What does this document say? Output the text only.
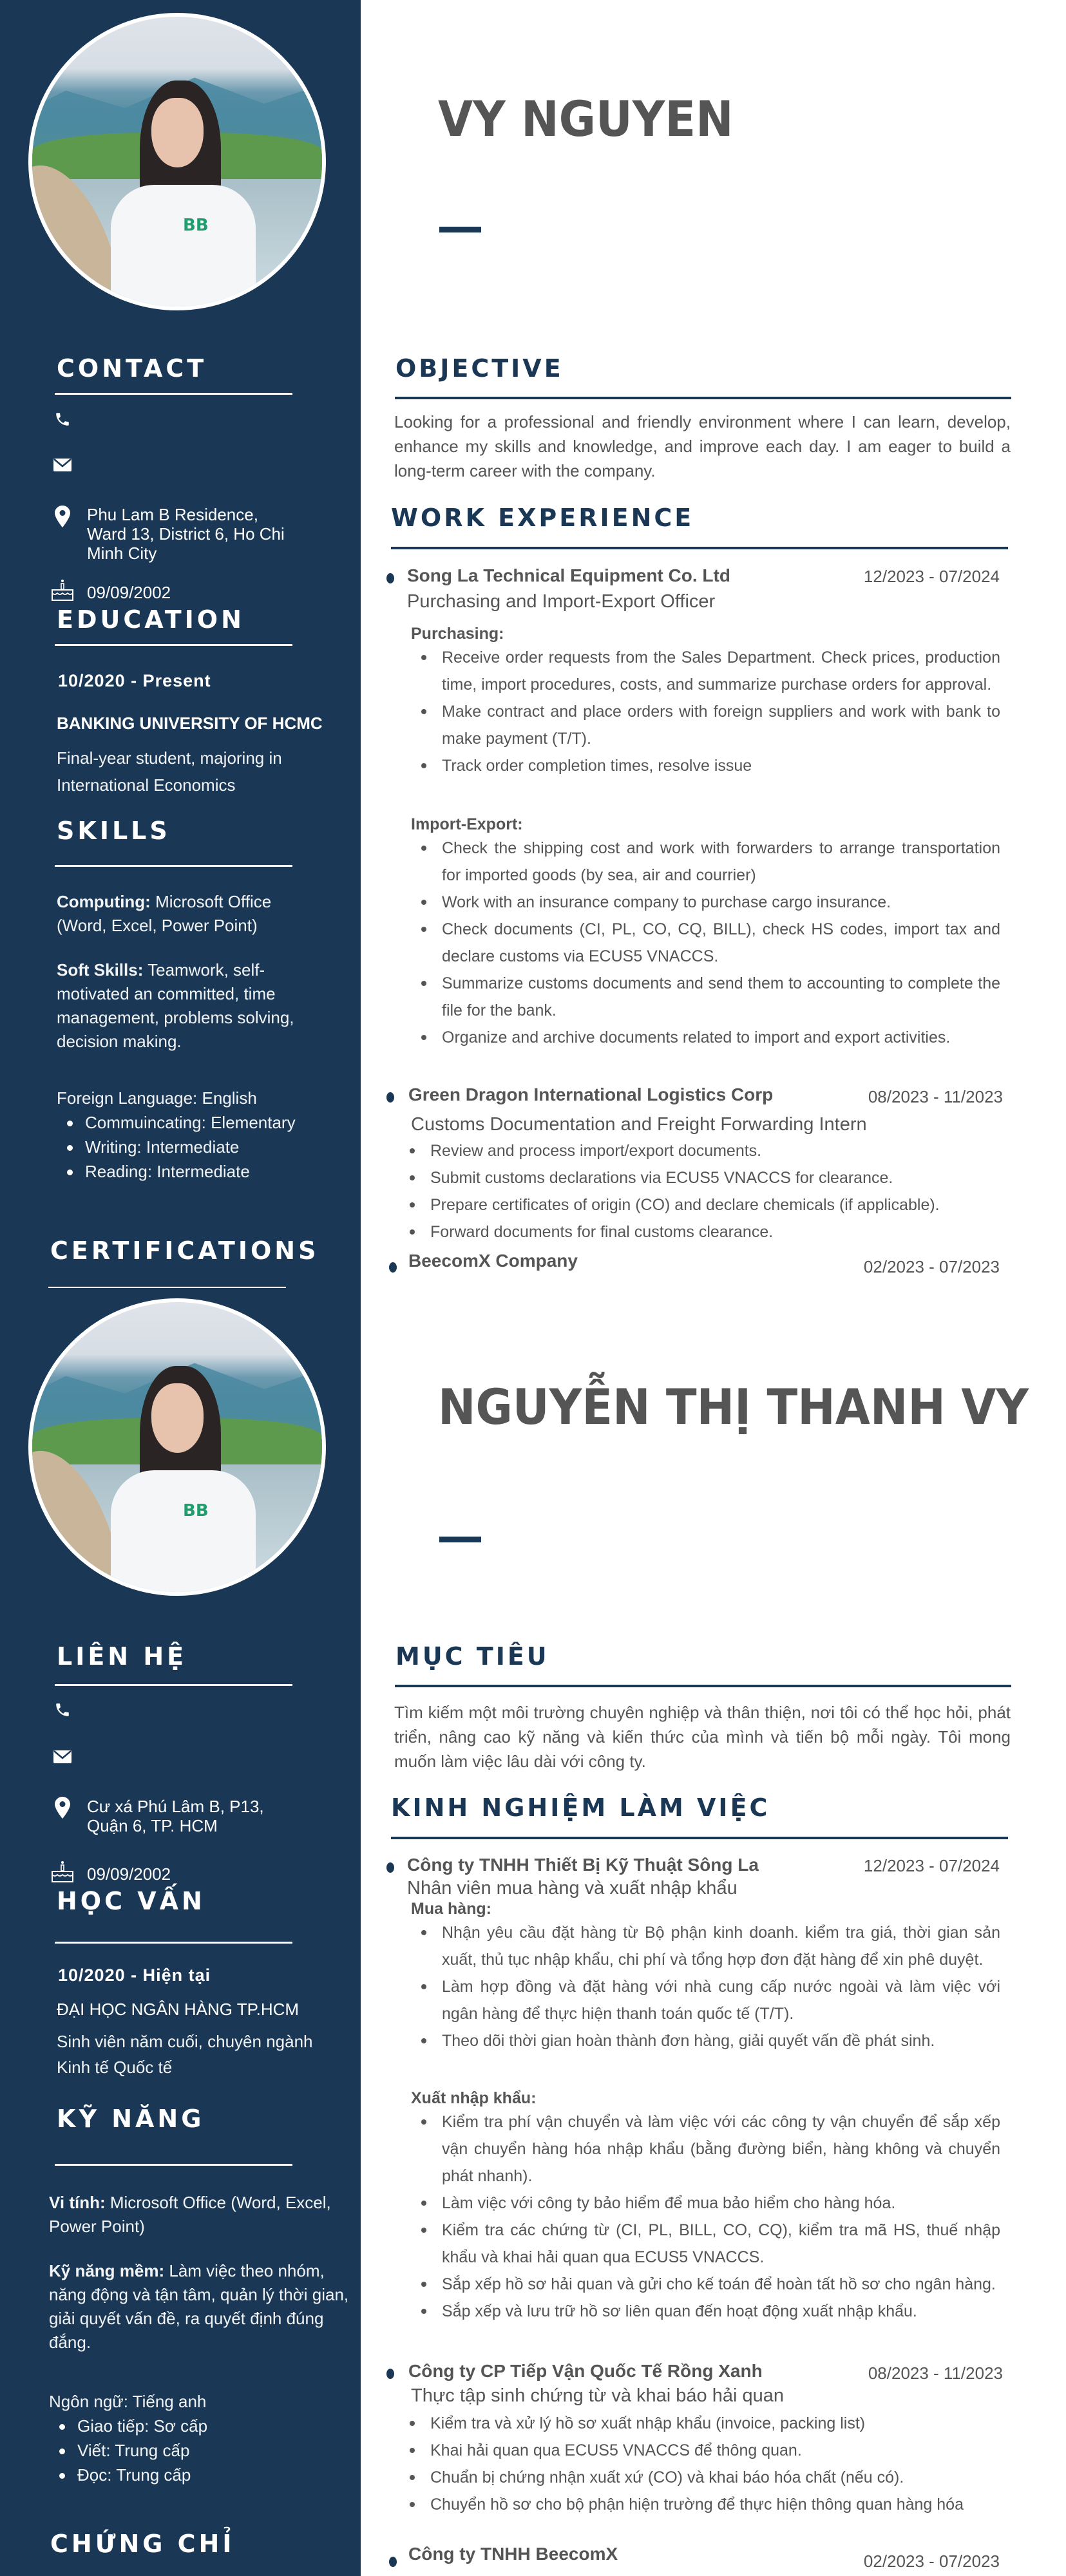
BB
CONTACT
Phu Lam B Residence, Ward 13, District 6, Ho Chi Minh City
09/09/2002
EDUCATION
10/2020 - Present
BANKING UNIVERSITY OF HCMC
Final-year student, majoring in International Economics
SKILLS
Computing: Microsoft Office (Word, Excel, Power Point)
Soft Skills: Teamwork, self-motivated an committed, time management, problems solving, decision making.
Foreign Language: English
Commuincating: Elementary
Writing: Intermediate
Reading: Intermediate
CERTIFICATIONS
VY NGUYEN
OBJECTIVE
Looking for a professional and friendly environment where I can learn, develop, enhance my skills and knowledge, and improve each day. I am eager to build a long-term career with the company.
WORK EXPERIENCE
Song La Technical Equipment Co. Ltd	12/2023 - 07/2024
Purchasing and Import-Export Officer
Purchasing:
Receive order requests from the Sales Department. Check prices, production time, import procedures, costs, and summarize purchase orders for approval.
Make contract and place orders with foreign suppliers and work with bank to make payment (T/T).
Track order completion times, resolve issue
Import-Export:
Check the shipping cost and work with forwarders to arrange transportation for imported goods (by sea, air and courrier)
Work with an insurance company to purchase cargo insurance.
Check documents (CI, PL, CO, CQ, BILL), check HS codes, import tax and declare customs via ECUS5 VNACCS.
Summarize customs documents and send them to accounting to complete the file for the bank.
Organize and archive documents related to import and export activities.
Green Dragon International Logistics Corp	08/2023 - 11/2023
Customs Documentation and Freight Forwarding Intern
Review and process import/export documents.
Submit customs declarations via ECUS5 VNACCS for clearance.
Prepare certificates of origin (CO) and declare chemicals (if applicable).
Forward documents for final customs clearance.
BeecomX Company	02/2023 - 07/2023
BB
LIÊN HỆ
Cư xá Phú Lâm B, P13, Quận 6, TP. HCM
09/09/2002
HỌC VẤN
10/2020 - Hiện tại
ĐẠI HỌC NGÂN HÀNG TP.HCM
Sinh viên năm cuối, chuyên ngành Kinh tế Quốc tế
KỸ NĂNG
Vi tính: Microsoft Office (Word, Excel, Power Point)
Kỹ năng mềm: Làm việc theo nhóm, năng động và tận tâm, quản lý thời gian, giải quyết vấn đề, ra quyết định đúng đắng.
Ngôn ngữ: Tiếng anh
Giao tiếp: Sơ cấp
Viết: Trung cấp
Đọc: Trung cấp
CHỨNG CHỈ
NGUYỄN THỊ THANH VY
MỤC TIÊU
Tìm kiếm một môi trường chuyên nghiệp và thân thiện, nơi tôi có thể học hỏi, phát triển, nâng cao kỹ năng và kiến thức của mình và tiến bộ mỗi ngày. Tôi mong muốn làm việc lâu dài với công ty.
KINH NGHIỆM LÀM VIỆC
Công ty TNHH Thiết Bị Kỹ Thuật Sông La	12/2023 - 07/2024
Nhân viên mua hàng và xuất nhập khẩu
Mua hàng:
Nhận yêu cầu đặt hàng từ Bộ phận kinh doanh. kiểm tra giá, thời gian sản xuất, thủ tục nhập khẩu, chi phí và tổng hợp đơn đặt hàng để xin phê duyệt.
Làm hợp đồng và đặt hàng với nhà cung cấp nước ngoài và làm việc với ngân hàng để thực hiện thanh toán quốc tế (T/T).
Theo dõi thời gian hoàn thành đơn hàng, giải quyết vấn đề phát sinh.
Xuất nhập khẩu:
Kiểm tra phí vận chuyển và làm việc với các công ty vận chuyển để sắp xếp vận chuyển hàng hóa nhập khẩu (bằng đường biển, hàng không và chuyển phát nhanh).
Làm việc với công ty bảo hiểm để mua bảo hiểm cho hàng hóa.
Kiểm tra các chứng từ (CI, PL, BILL, CO, CQ), kiểm tra mã HS, thuế nhập khẩu và khai hải quan qua ECUS5 VNACCS.
Sắp xếp hồ sơ hải quan và gửi cho kế toán để hoàn tất hồ sơ cho ngân hàng.
Sắp xếp và lưu trữ hồ sơ liên quan đến hoạt động xuất nhập khẩu.
Công ty CP Tiếp Vận Quốc Tế Rồng Xanh	08/2023 - 11/2023
Thực tập sinh chứng từ và khai báo hải quan
Kiểm tra và xử lý hồ sơ xuất nhập khẩu (invoice, packing list)
Khai hải quan qua ECUS5 VNACCS để thông quan.
Chuẩn bị chứng nhận xuất xứ (CO) và khai báo hóa chất (nếu có).
Chuyển hồ sơ cho bộ phận hiện trường để thực hiện thông quan hàng hóa
Công ty TNHH BeecomX	02/2023 - 07/2023
